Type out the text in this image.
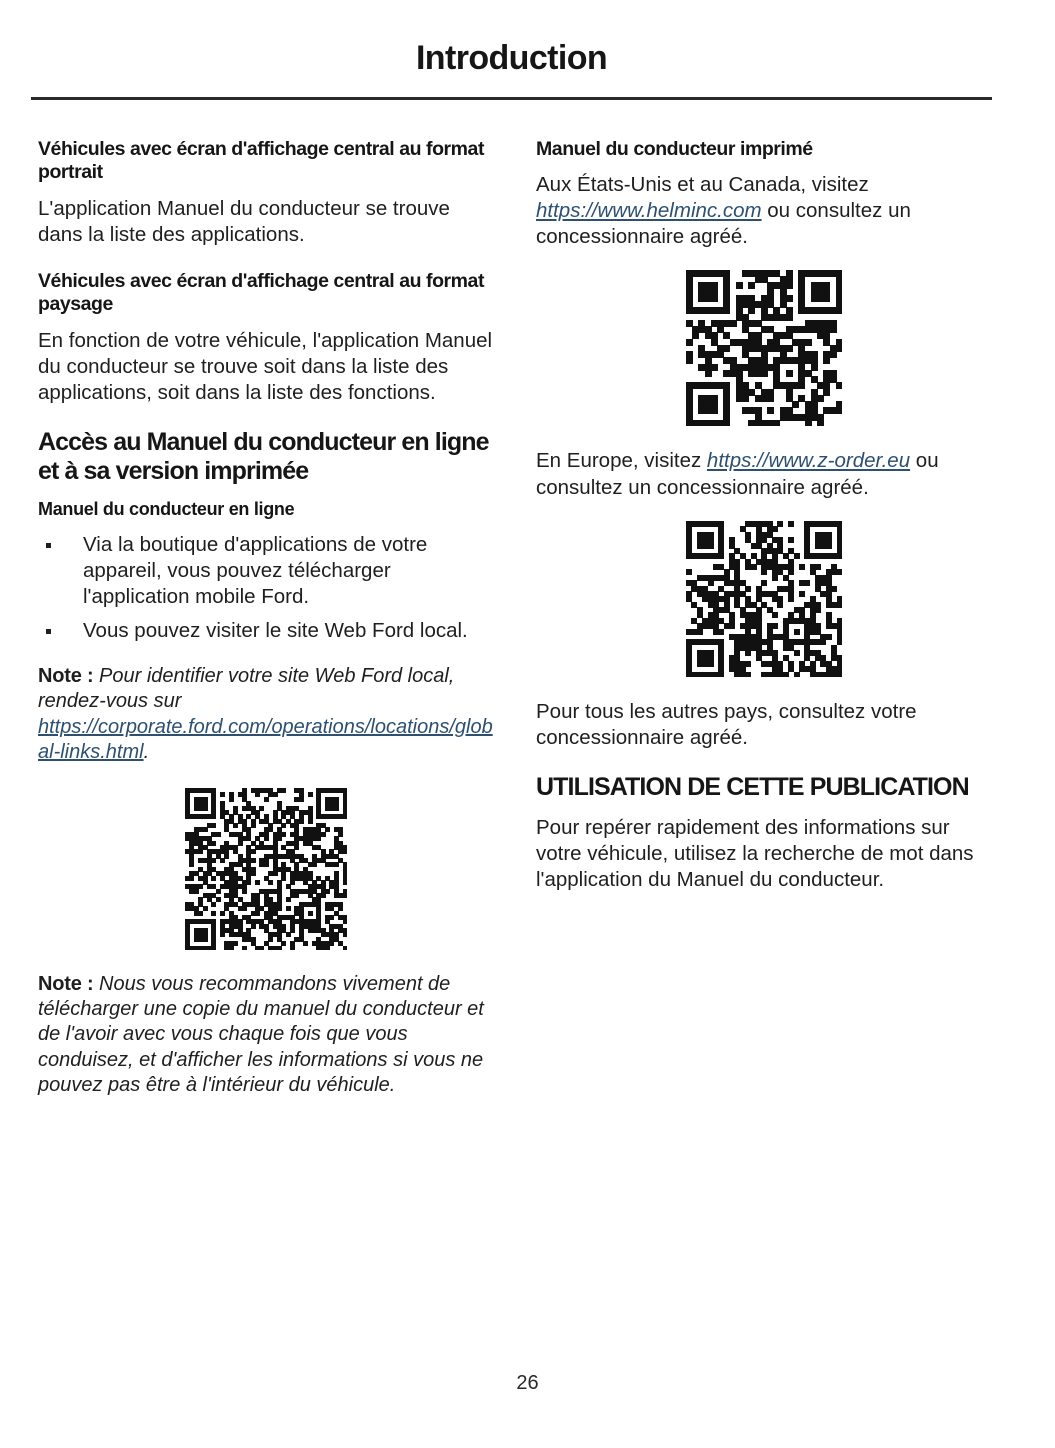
Introduction
Véhicules avec écran d'affichage central au format portrait

L'application Manuel du conducteur se trouve dans la liste des applications.

Véhicules avec écran d'affichage central au format paysage

En fonction de votre véhicule, l'application Manuel du conducteur se trouve soit dans la liste des applications, soit dans la liste des fonctions.

Accès au Manuel du conducteur en ligne et à sa version imprimée
Manuel du conducteur en ligne
Via la boutique d'applications de votre appareil, vous pouvez télécharger l'application mobile Ford.
Vous pouvez visiter le site Web Ford local.

Note : Pour identifier votre site Web Ford local, rendez-vous sur https://corporate.ford.com/operations/locations/global-links.html.

Note : Nous vous recommandons vivement de télécharger une copie du manuel du conducteur et de l'avoir avec vous chaque fois que vous conduisez, et d'afficher les informations si vous ne pouvez pas être à l'intérieur du véhicule.

Manuel du conducteur imprimé

Aux États-Unis et au Canada, visitez https://www.helminc.com ou consultez un concessionnaire agréé.

En Europe, visitez https://www.z-order.eu ou consultez un concessionnaire agréé.

Pour tous les autres pays, consultez votre concessionnaire agréé.

UTILISATION DE CETTE PUBLICATION

Pour repérer rapidement des informations sur votre véhicule, utilisez la recherche de mot dans l'application du Manuel du conducteur.

26
